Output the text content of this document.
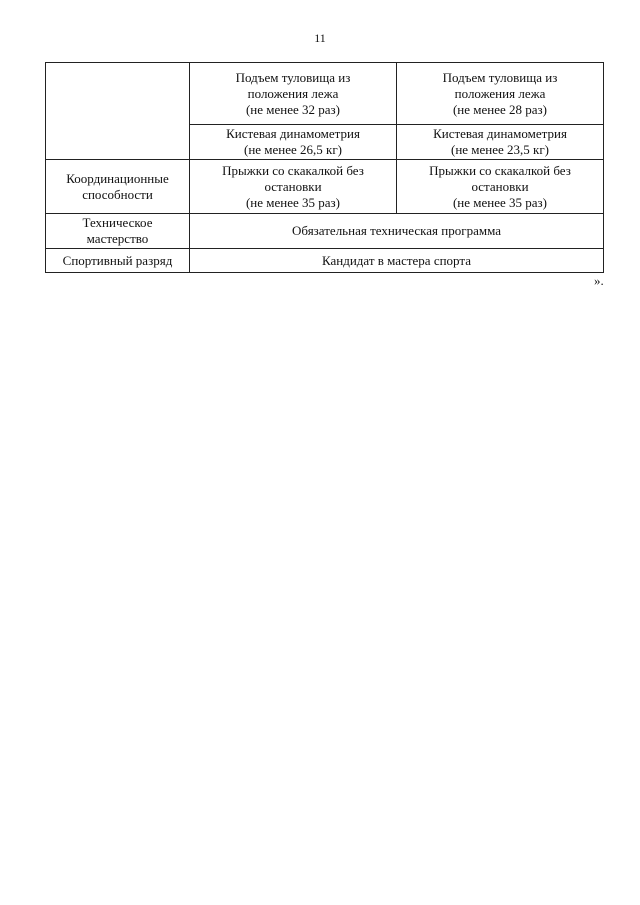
11

	Подъем туловища из
положения лежа
(не менее 32 раз)	Подъем туловища из
положения лежа
(не менее 28 раз)

	Кистевая динамометрия
(не менее 26,5 кг)	Кистевая динамометрия
(не менее 23,5 кг)

Координационные
способности	Прыжки со скакалкой без
остановки
(не менее 35 раз)	Прыжки со скакалкой без
остановки
(не менее 35 раз)

Техническое
мастерство	Обязательная техническая программа	
Спортивный разряд	Кандидат в мастера спорта	
».
